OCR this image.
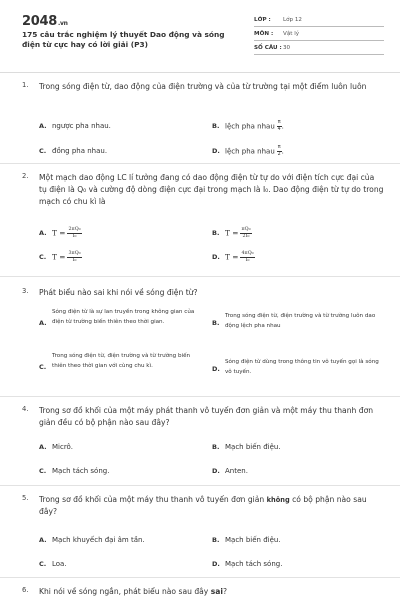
2048.vn
175 câu trắc nghiệm lý thuyết Dao động và sóng điện từ cực hay có lời giải (P3)
LỚP : Lớp 12
MÔN : Vật lý
SỐ CÂU : 30
1. Trong sóng điện từ, dao động của điện trường và của từ trường tại một điểm luôn luôn
A. ngược pha nhau.	B. lệch pha nhau $\frac{\pi}{4}$ .
C. đồng pha nhau.	D. lệch pha nhau $\frac{\pi}{2}$ .
2. Một mạch dao động LC lí tưởng đang có dao động điện từ tự do với điện tích cực đại của tụ điện là Q₀ và cường độ dòng điện cực đại trong mạch là I₀. Dao động điện từ tự do trong mạch có chu kì là
A. $T = \frac{\text{2πQ₀}}{\text{I₀}}$	B. $T = \frac{\text{πQ₀}}{\text{2I₀}}$
C. $T = \frac{\text{3πQ₀}}{\text{I₀}}$	D. $T = \frac{\text{4πQ₀}}{\text{I₀}}$
3. Phát biểu nào sai khi nói về sóng điện từ?
A.
Sóng điện từ là sự lan truyền trong không gian của điện từ trường biến thiên theo thời gian.	B.
Trong sóng điện từ, điện trường và từ trường luôn dao động lệch pha nhau
C.
Trong sóng điện từ, điện trường và từ trường biến thiên theo thời gian với cùng chu kì.	D.
Sóng điện từ dùng trong thông tin vô tuyến gọi là sóng vô tuyến.
4. Trong sơ đồ khối của một máy phát thanh vô tuyến đơn giản và một máy thu thanh đơn giản đều có bộ phận nào sau đây?
A. Micrô.	B. Mạch biến điệu.
C. Mạch tách sóng.	D. Anten.
5. Trong sơ đồ khối của một máy thu thanh vô tuyến đơn giản không có bộ phận nào sau đây?
A. Mạch khuyếch đại âm tần.	B. Mạch biến điệu.
C. Loa.	D. Mạch tách sóng.
6. Khi nói về sóng ngắn, phát biểu nào sau đây sai?
